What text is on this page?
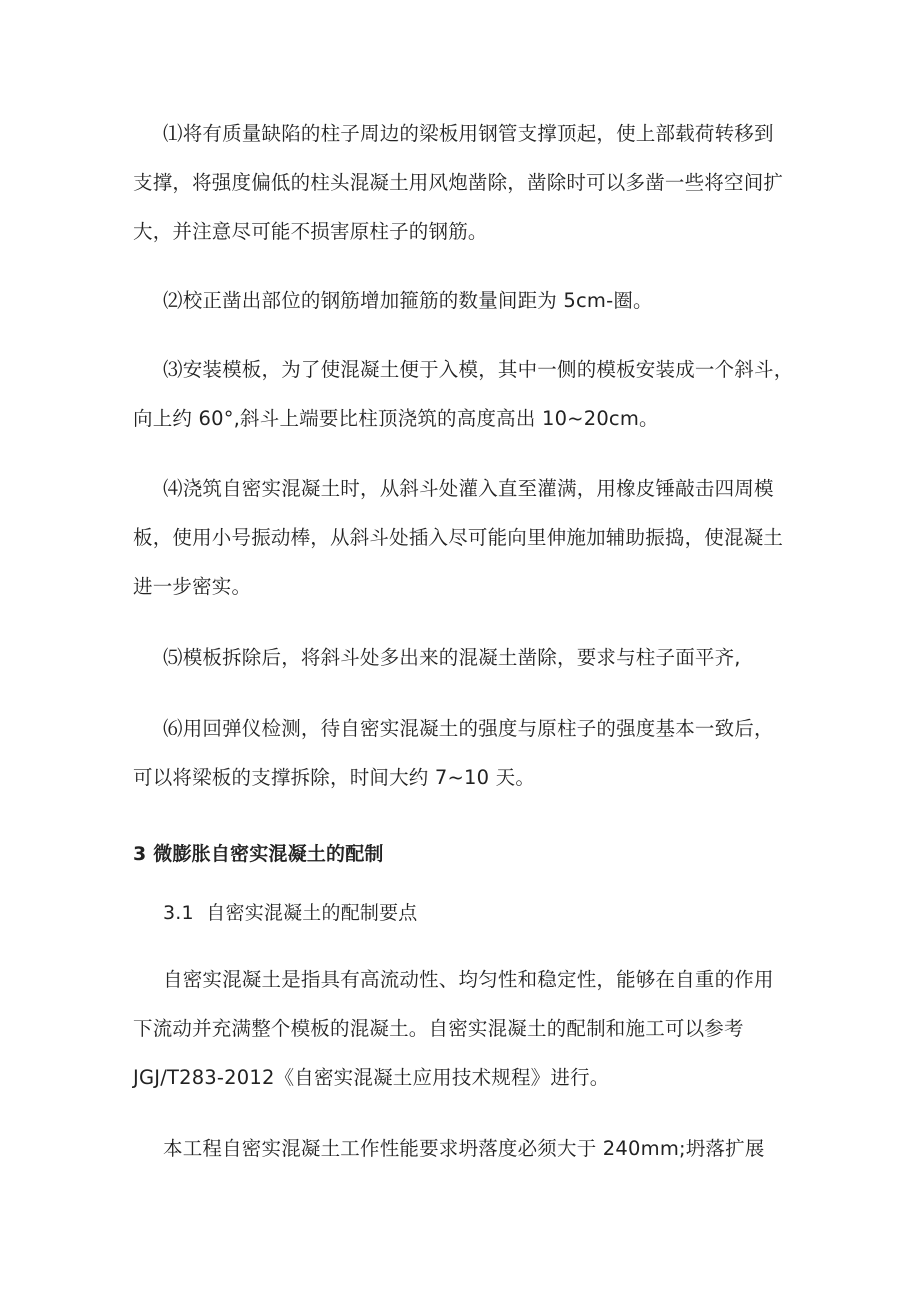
⑴将有质量缺陷的柱子周边的梁板用钢管支撑顶起，使上部载荷转移到
支撑，将强度偏低的柱头混凝土用风炮凿除，凿除时可以多凿一些将空间扩
大，并注意尽可能不损害原柱子的钢筋。
⑵校正凿出部位的钢筋增加箍筋的数量间距为 5cm-圈。
⑶安装模板，为了使混凝土便于入模，其中一侧的模板安装成一个斜斗，
向上约 60°,斜斗上端要比柱顶浇筑的高度高出 10~20cm。
⑷浇筑自密实混凝土时，从斜斗处灌入直至灌满，用橡皮锤敲击四周模
板，使用小号振动棒，从斜斗处插入尽可能向里伸施加辅助振捣，使混凝土
进一步密实。
⑸模板拆除后，将斜斗处多出来的混凝土凿除，要求与柱子面平齐,
⑹用回弹仪检测，待自密实混凝土的强度与原柱子的强度基本一致后，
可以将梁板的支撑拆除，时间大约 7~10 天。
3 微膨胀自密实混凝土的配制
3.1  自密实混凝土的配制要点
自密实混凝土是指具有高流动性、均匀性和稳定性，能够在自重的作用
下流动并充满整个模板的混凝土。自密实混凝土的配制和施工可以参考
JGJ/T283-2012《自密实混凝土应用技术规程》进行。
本工程自密实混凝土工作性能要求坍落度必须大于 240mm;坍落扩展
